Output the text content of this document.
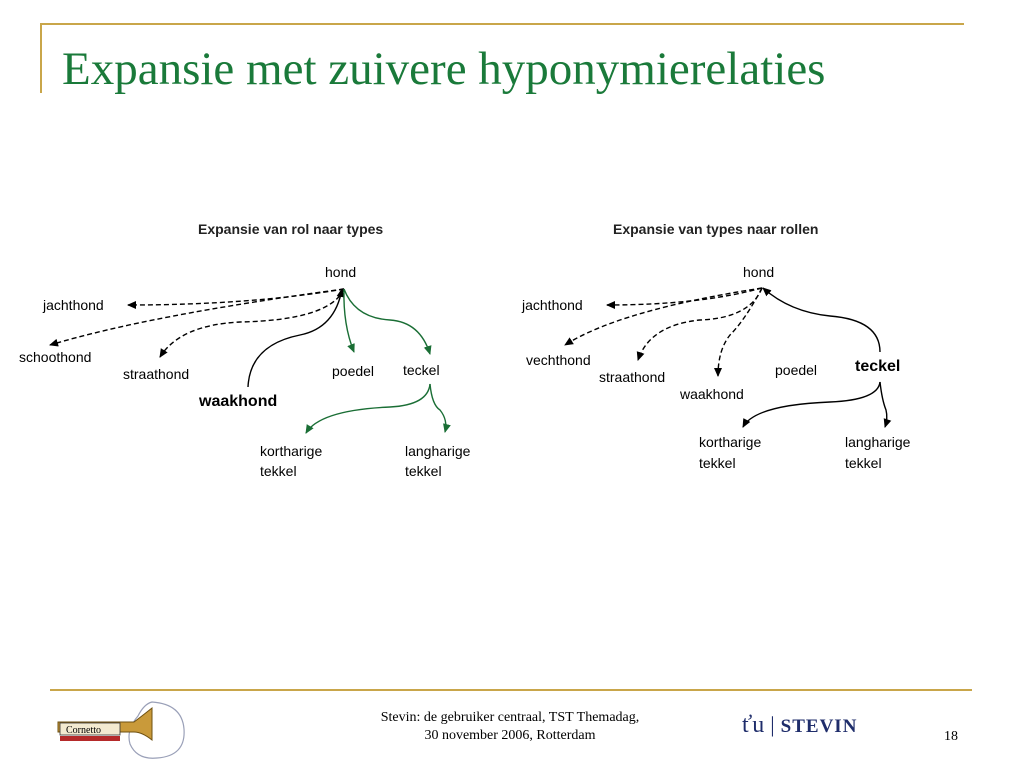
Expansie met zuivere hyponymierelaties
Expansie van rol naar types
hond
jachthond
schoothond
straathond
waakhond
poedel teckel
kortharige
tekkel
langharige
tekkel
Expansie van types naar rollen
hond
jachthond
vechthond
straathond
waakhond
poedel teckel
kortharige
tekkel
langharige
tekkel
Cornetto
Stevin: de gebruiker centraal, TST Themadag,
30 november 2006, Rotterdam	ťu | STEVIN	18
